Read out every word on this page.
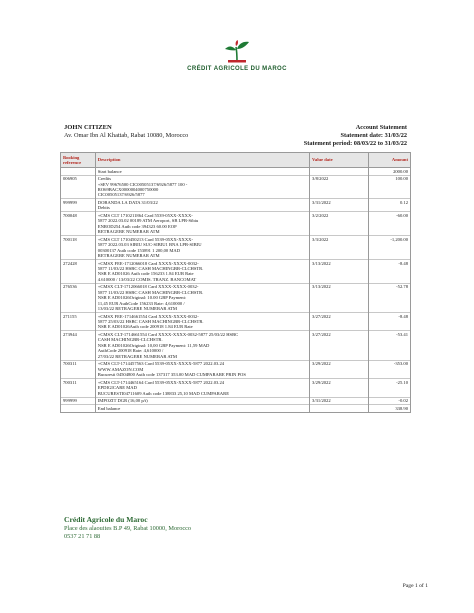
CRÉDIT AGRICOLE DU MAROC
JOHN CITIZEN
Av. Omar Ibn Al Khattab, Rabat 10080, Morocco
Account Statement
Statement date: 31/03/22
Statement period: 08/03/22 to 31/03/22
Booking reference	Description	Value date	Amount
	Start balance		2000.00
006905	Credits
+SEV 99676500 CIC00505137/6926/5877 100 -
RO69BACX0000004000750000
CIC00505137/6926/5877	3/8/2022	100.00
999999	DOBANDA LA DATA 31/03/22
Debits	3/31/2022	0.12
700048	+CMS CLT 1710211864 Card 5539-05XX-XXXX-
5877 2022.03.02 00189 ATM Aeroport, SB LPB-Sibiu
ENROD254 Auth code 394323 60.00 EOP
RETRAGERE NUMERAR ATM	3/2/2022	-60.00
700118	+CMS CLT 1710450213 Card 5539-05XX-XXXX-
5877 2022.03.03 SIBIU SUC-SIBIU1 BNA LPB-SIBIU
00300137 Auth code 153891 1 200,00 MAD
RETRAGERE NUMERAR ATM	3/3/2022	-1,200.00
272428	+CMSX FEE-1712066018 Card XXXX-XXXX-0032-
5877 11/03/22 HSBC CASH MACHINGBR-CLCHSTR.
NSR E AD01026 Auth code 156233 1.84 EUR Rate
4.610000 / 13/03/22 COMIS. TRANZ. BANCOMAT	3/13/2022	-8.48
276536	+CMSX CLT-1712066018 Card XXXX-XXXX-0032-
5877 11/03/22 HSBC CASH MACHINGBR-CLCHSTR.
NSR E AD01026Original: 10.00 GBP Payment:
11,45 EUR AuthCode 156233 Rate: 4,610000 /
13/03/22 RETRAGERE NUMERAR ATM	3/13/2022	-52.78
271155	+CMSX FEE-1714661554 Card XXXX-XXXX-0032-
5877 25/03/22 HSBC CASH MACHINGBR-CLCHSTR.
NSR E AD01026Auth code 200918 1.84 EUR Rate	3/27/2022	-8.48
273944	+CMSX CLT-1714661554 Card XXXX-XXXX-0032-5877 25/03/22 HSBC
CASH MACHINGBR-CLCHSTR.
NSR E AD01026Original: 10,00 GBP Payment: 11,59 MAD
AuthCode 200918 Rate: 4,610000 /
27/03/22 RETRAGERE NUMERAR ATM	3/27/2022	-53.41
700311	+CMS CLT-1714457563 Card 5539-05XX-XXXX-5877 2022.03.24
WWW.AMAZON.COM
Bucuresti 04504800 Auth code 137317 353.00 MAD CUMPARARE PRIN POS	3/29/2022	-353.00
700311	+CMS CLT-1714465164 Card 5539-05XX-XXXX-5877 2022.03.24
EPDIGICARE MAD
BUCURESTI04711609 Auth code 138833 25,10 MAD CUMPARARE	3/29/2022	-25.10
999999	IMPOZIT DGR (16,00 p/t)	3/31/2022	-0.02
	End balance		338.90
Crédit Agricole du Maroc
Place des alaouites B.P 49, Rabat 10000, Morocco
0537 21 71 88
Page 1 of 1
